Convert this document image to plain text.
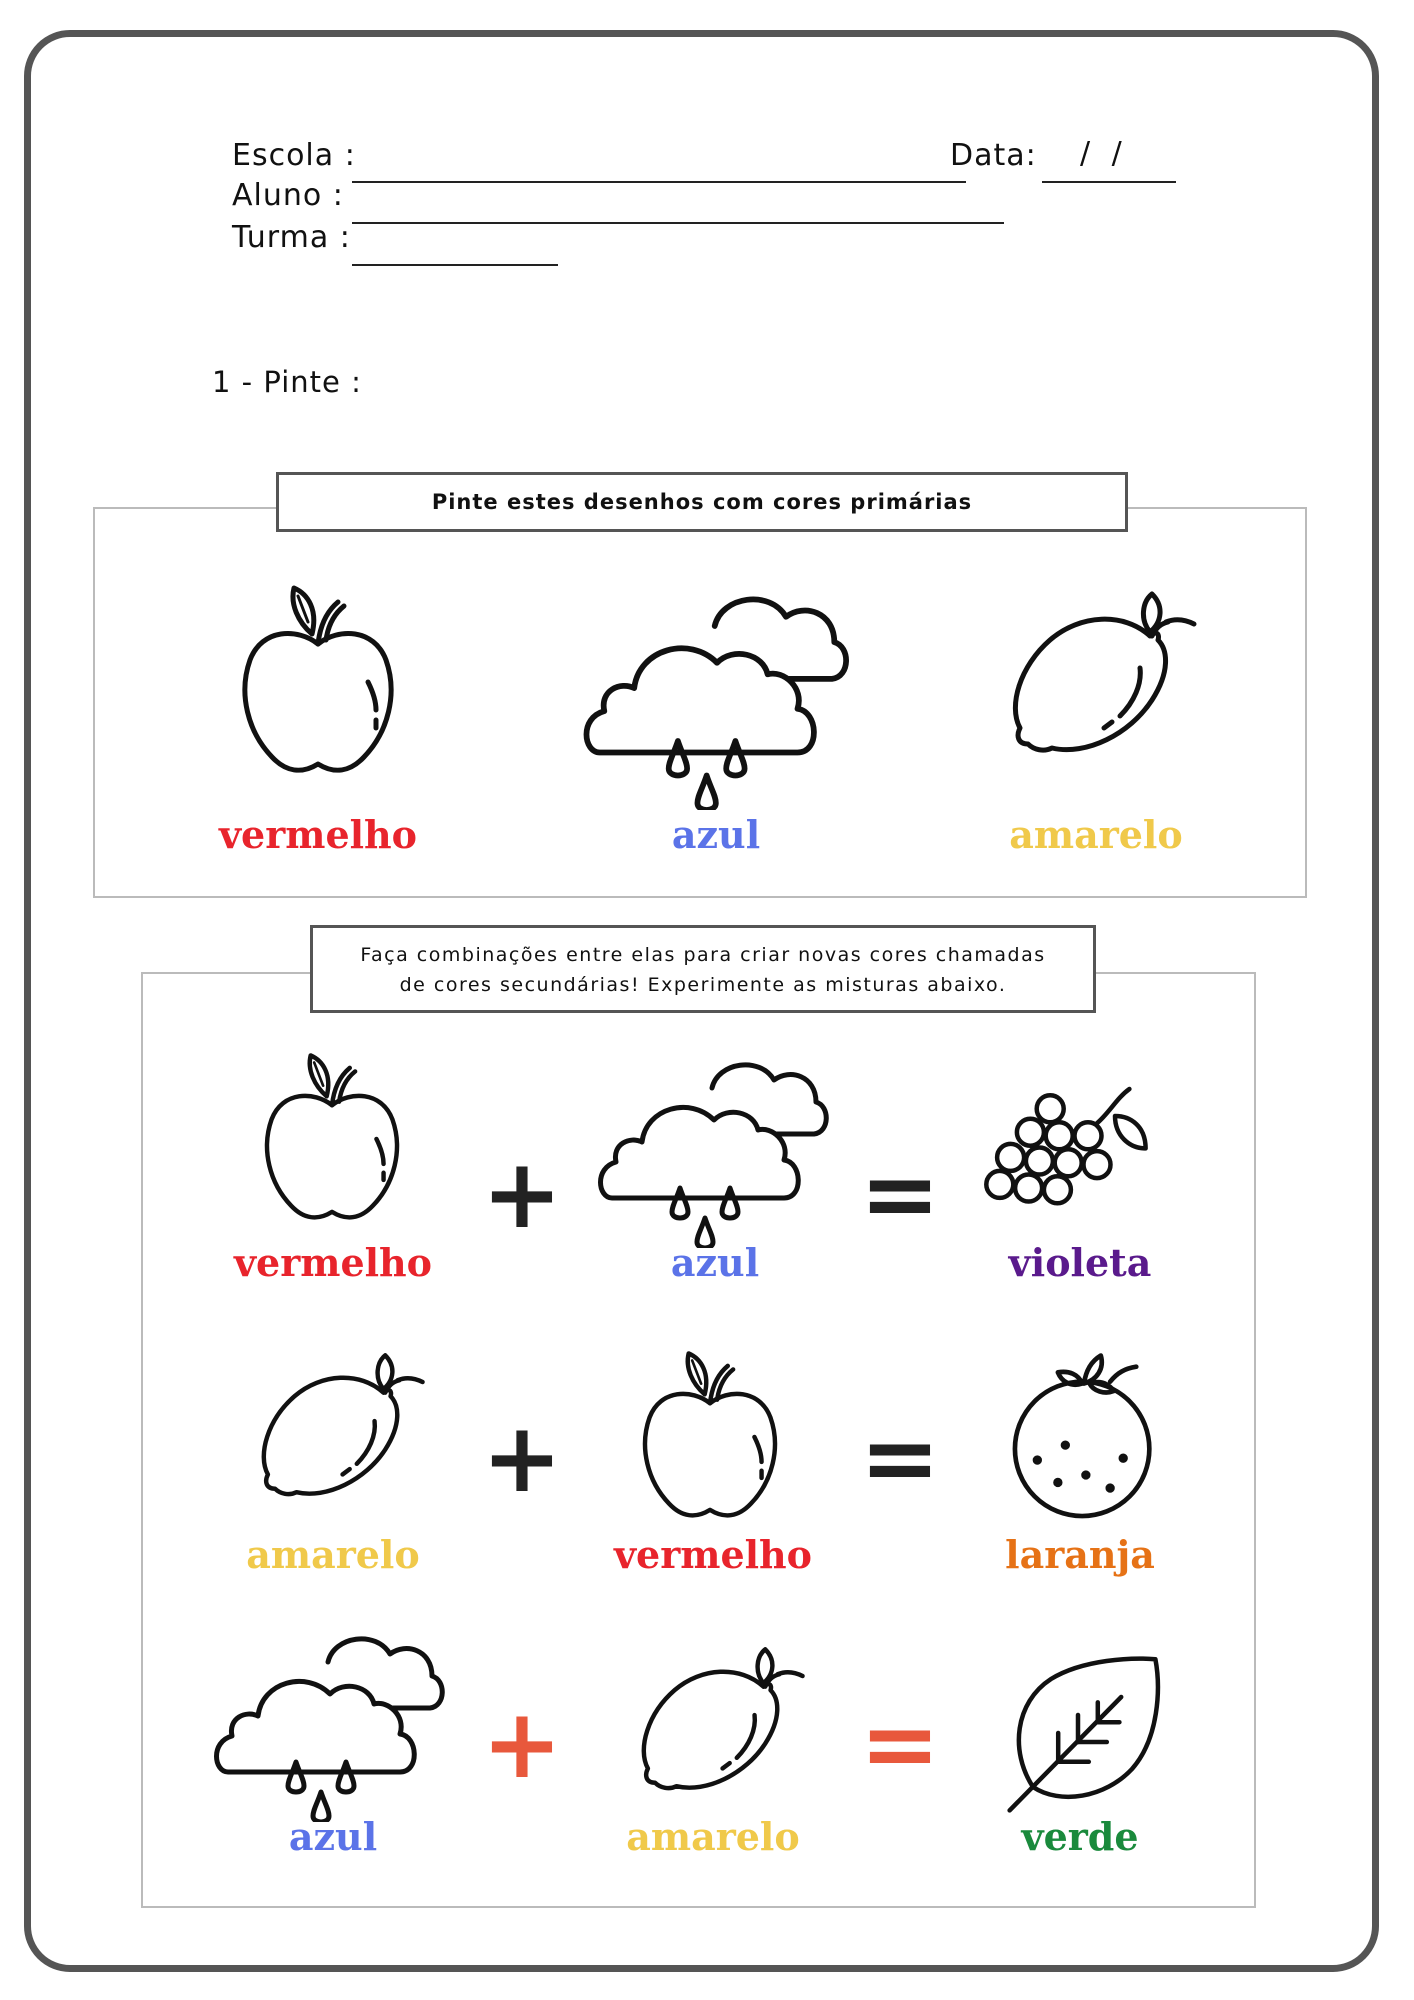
Escola :
Aluno :
Turma :
Data: / /
1 - Pinte :
Pinte estes desenhos com cores primárias
vermelho	azul	amarelo
Faça combinações entre elas para criar novas cores chamadas
de cores secundárias! Experimente as misturas abaixo.
+	=
vermelho	azul	violeta
+	=
amarelo	vermelho	laranja
+	=
azul	amarelo	verde
